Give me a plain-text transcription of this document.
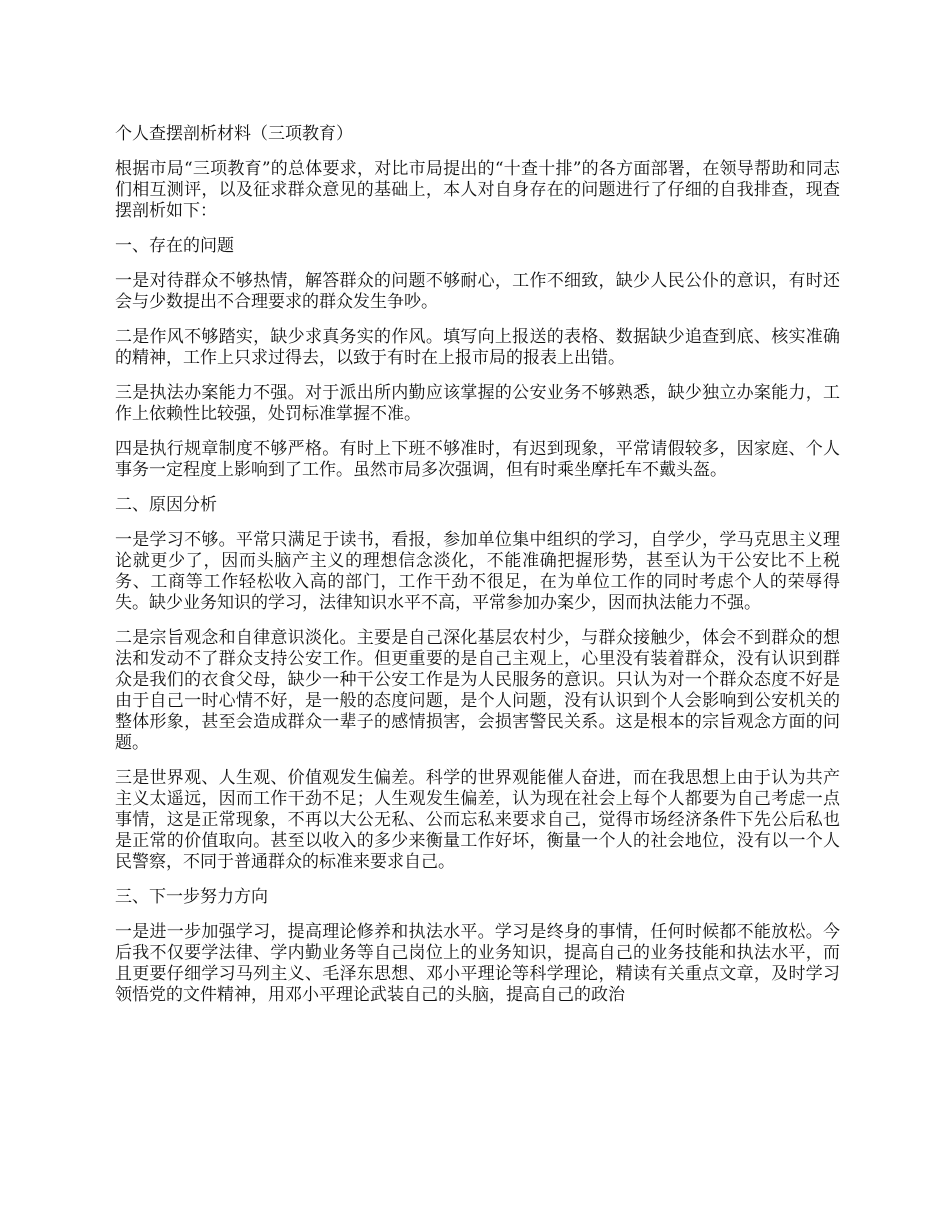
个人查摆剖析材料（三项教育）

根据市局“三项教育”的总体要求，对比市局提出的“十查十排”的各方面部署，在领导帮助和同志们相互测评，以及征求群众意见的基础上，本人对自身存在的问题进行了仔细的自我排查，现查摆剖析如下：

一、存在的问题

一是对待群众不够热情，解答群众的问题不够耐心，工作不细致，缺少人民公仆的意识，有时还会与少数提出不合理要求的群众发生争吵。

二是作风不够踏实，缺少求真务实的作风。填写向上报送的表格、数据缺少追查到底、核实准确的精神，工作上只求过得去，以致于有时在上报市局的报表上出错。

三是执法办案能力不强。对于派出所内勤应该掌握的公安业务不够熟悉，缺少独立办案能力，工作上依赖性比较强，处罚标准掌握不准。

四是执行规章制度不够严格。有时上下班不够准时，有迟到现象，平常请假较多，因家庭、个人事务一定程度上影响到了工作。虽然市局多次强调，但有时乘坐摩托车不戴头盔。

二、原因分析

一是学习不够。平常只满足于读书，看报，参加单位集中组织的学习，自学少，学马克思主义理论就更少了，因而头脑产主义的理想信念淡化，不能准确把握形势，甚至认为干公安比不上税务、工商等工作轻松收入高的部门，工作干劲不很足，在为单位工作的同时考虑个人的荣辱得失。缺少业务知识的学习，法律知识水平不高，平常参加办案少，因而执法能力不强。

二是宗旨观念和自律意识淡化。主要是自己深化基层农村少，与群众接触少，体会不到群众的想法和发动不了群众支持公安工作。但更重要的是自己主观上，心里没有装着群众，没有认识到群众是我们的衣食父母，缺少一种干公安工作是为人民服务的意识。只认为对一个群众态度不好是由于自己一时心情不好，是一般的态度问题，是个人问题，没有认识到个人会影响到公安机关的整体形象，甚至会造成群众一辈子的感情损害，会损害警民关系。这是根本的宗旨观念方面的问题。

三是世界观、人生观、价值观发生偏差。科学的世界观能催人奋进，而在我思想上由于认为共产主义太遥远，因而工作干劲不足；人生观发生偏差，认为现在社会上每个人都要为自己考虑一点事情，这是正常现象，不再以大公无私、公而忘私来要求自己，觉得市场经济条件下先公后私也是正常的价值取向。甚至以收入的多少来衡量工作好坏，衡量一个人的社会地位，没有以一个人民警察，不同于普通群众的标准来要求自己。

三、下一步努力方向

一是进一步加强学习，提高理论修养和执法水平。学习是终身的事情，任何时候都不能放松。今后我不仅要学法律、学内勤业务等自己岗位上的业务知识，提高自己的业务技能和执法水平，而且更要仔细学习马列主义、毛泽东思想、邓小平理论等科学理论，精读有关重点文章，及时学习领悟党的文件精神，用邓小平理论武装自己的头脑，提高自己的政治
